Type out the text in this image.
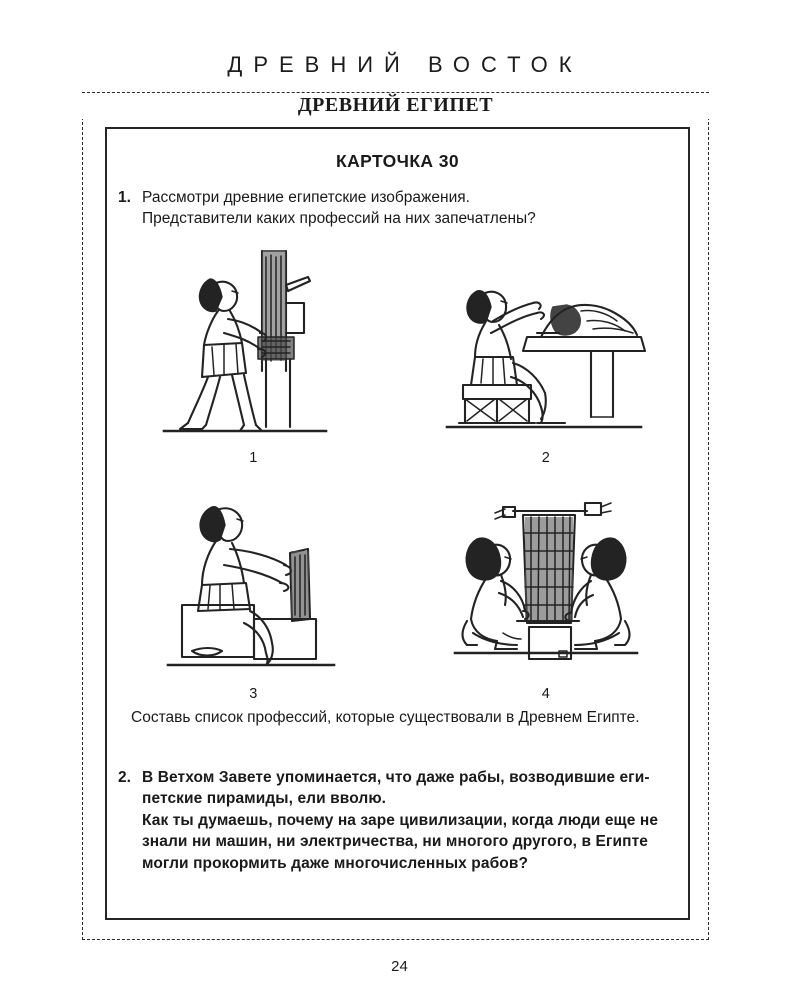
ДРЕВНИЙ ВОСТОК
ДРЕВНИЙ ЕГИПЕТ
КАРТОЧКА 30
1. Рассмотри древние египетские изображения.
Представители каких профессий на них запечатлены?
1	2
3	4
Составь список профессий, которые существовали в Древнем Египте.
2. В Ветхом Завете упоминается, что даже рабы, возводившие еги-
петские пирамиды, ели вволю.
Как ты думаешь, почему на заре цивилизации, когда люди еще не
знали ни машин, ни электричества, ни многого другого, в Египте
могли прокормить даже многочисленных рабов?
24
